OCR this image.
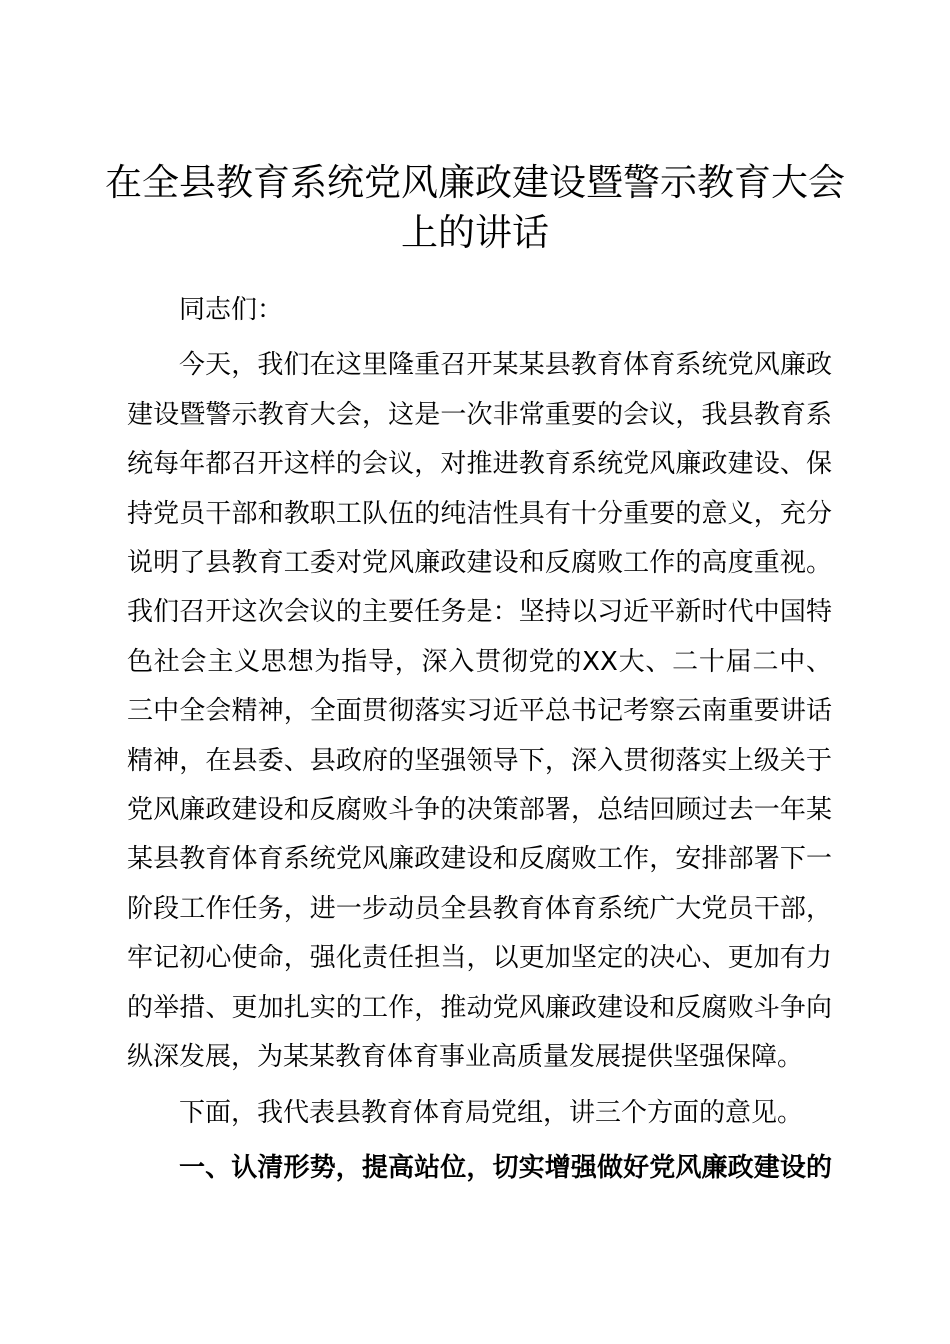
在全县教育系统党风廉政建设暨警示教育大会
上的讲话

同志们：

今天，我们在这里隆重召开某某县教育体育系统党风廉政
建设暨警示教育大会，这是一次非常重要的会议，我县教育系
统每年都召开这样的会议，对推进教育系统党风廉政建设、保
持党员干部和教职工队伍的纯洁性具有十分重要的意义，充分
说明了县教育工委对党风廉政建设和反腐败工作的高度重视。
我们召开这次会议的主要任务是：坚持以习近平新时代中国特
色社会主义思想为指导，深入贯彻党的XX大、二十届二中、
三中全会精神，全面贯彻落实习近平总书记考察云南重要讲话
精神，在县委、县政府的坚强领导下，深入贯彻落实上级关于
党风廉政建设和反腐败斗争的决策部署，总结回顾过去一年某
某县教育体育系统党风廉政建设和反腐败工作，安排部署下一
阶段工作任务，进一步动员全县教育体育系统广大党员干部，
牢记初心使命，强化责任担当，以更加坚定的决心、更加有力
的举措、更加扎实的工作，推动党风廉政建设和反腐败斗争向
纵深发展，为某某教育体育事业高质量发展提供坚强保障。

下面，我代表县教育体育局党组，讲三个方面的意见。

一、认清形势，提高站位，切实增强做好党风廉政建设的
